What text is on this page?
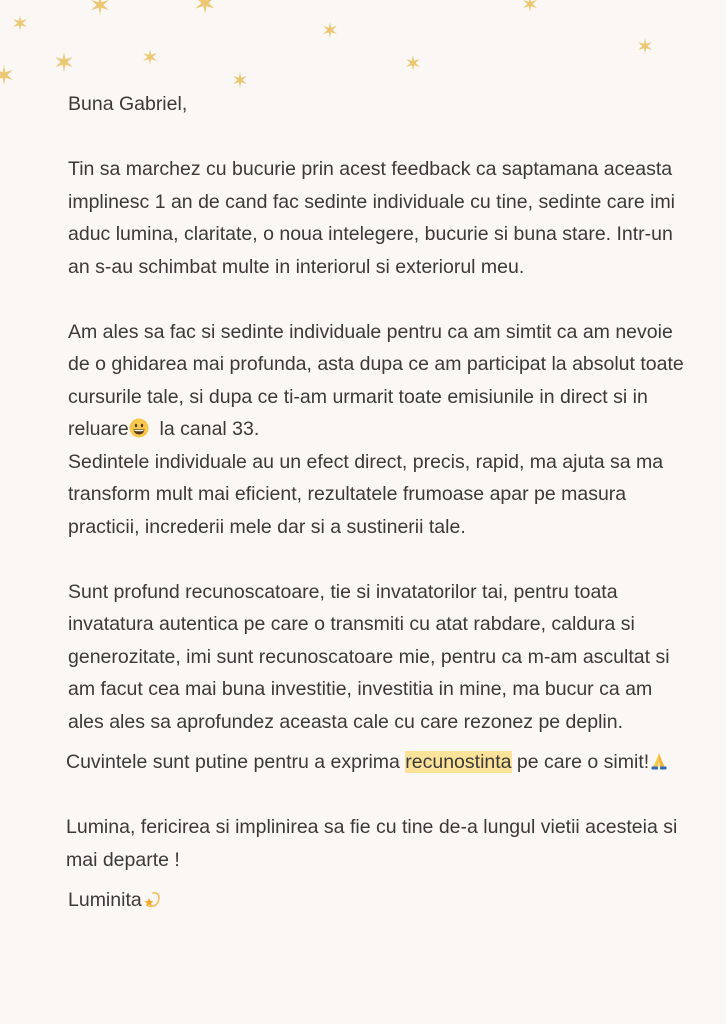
Buna Gabriel,

Tin sa marchez cu bucurie prin acest feedback ca saptamana aceasta implinesc 1 an de cand fac sedinte individuale cu tine, sedinte care imi aduc lumina, claritate, o noua intelegere, bucurie si buna stare. Intr-un an s-au schimbat multe in interiorul si exteriorul meu.

Am ales sa fac si sedinte individuale pentru ca am simtit ca am nevoie de o ghidarea mai profunda, asta dupa ce am participat la absolut toate cursurile tale, si dupa ce ti-am urmarit toate emisiunile in direct si in reluare
la canal 33.

Sedintele individuale au un efect direct, precis, rapid, ma ajuta sa ma transform mult mai eficient, rezultatele frumoase apar pe masura practicii, increderii mele dar si a sustinerii tale.

Sunt profund recunoscatoare, tie si invatatorilor tai, pentru toata invatatura autentica pe care o transmiti cu atat rabdare, caldura si generozitate, imi sunt recunoscatoare mie, pentru ca m-am ascultat si am facut cea mai buna investitie, investitia in mine, ma bucur ca am ales ales sa aprofundez aceasta cale cu care rezonez pe deplin.

Cuvintele sunt putine pentru a exprima recunostinta pe care o simit!

Lumina, fericirea si implinirea sa fie cu tine de-a lungul vietii acesteia si mai departe !

Luminita
